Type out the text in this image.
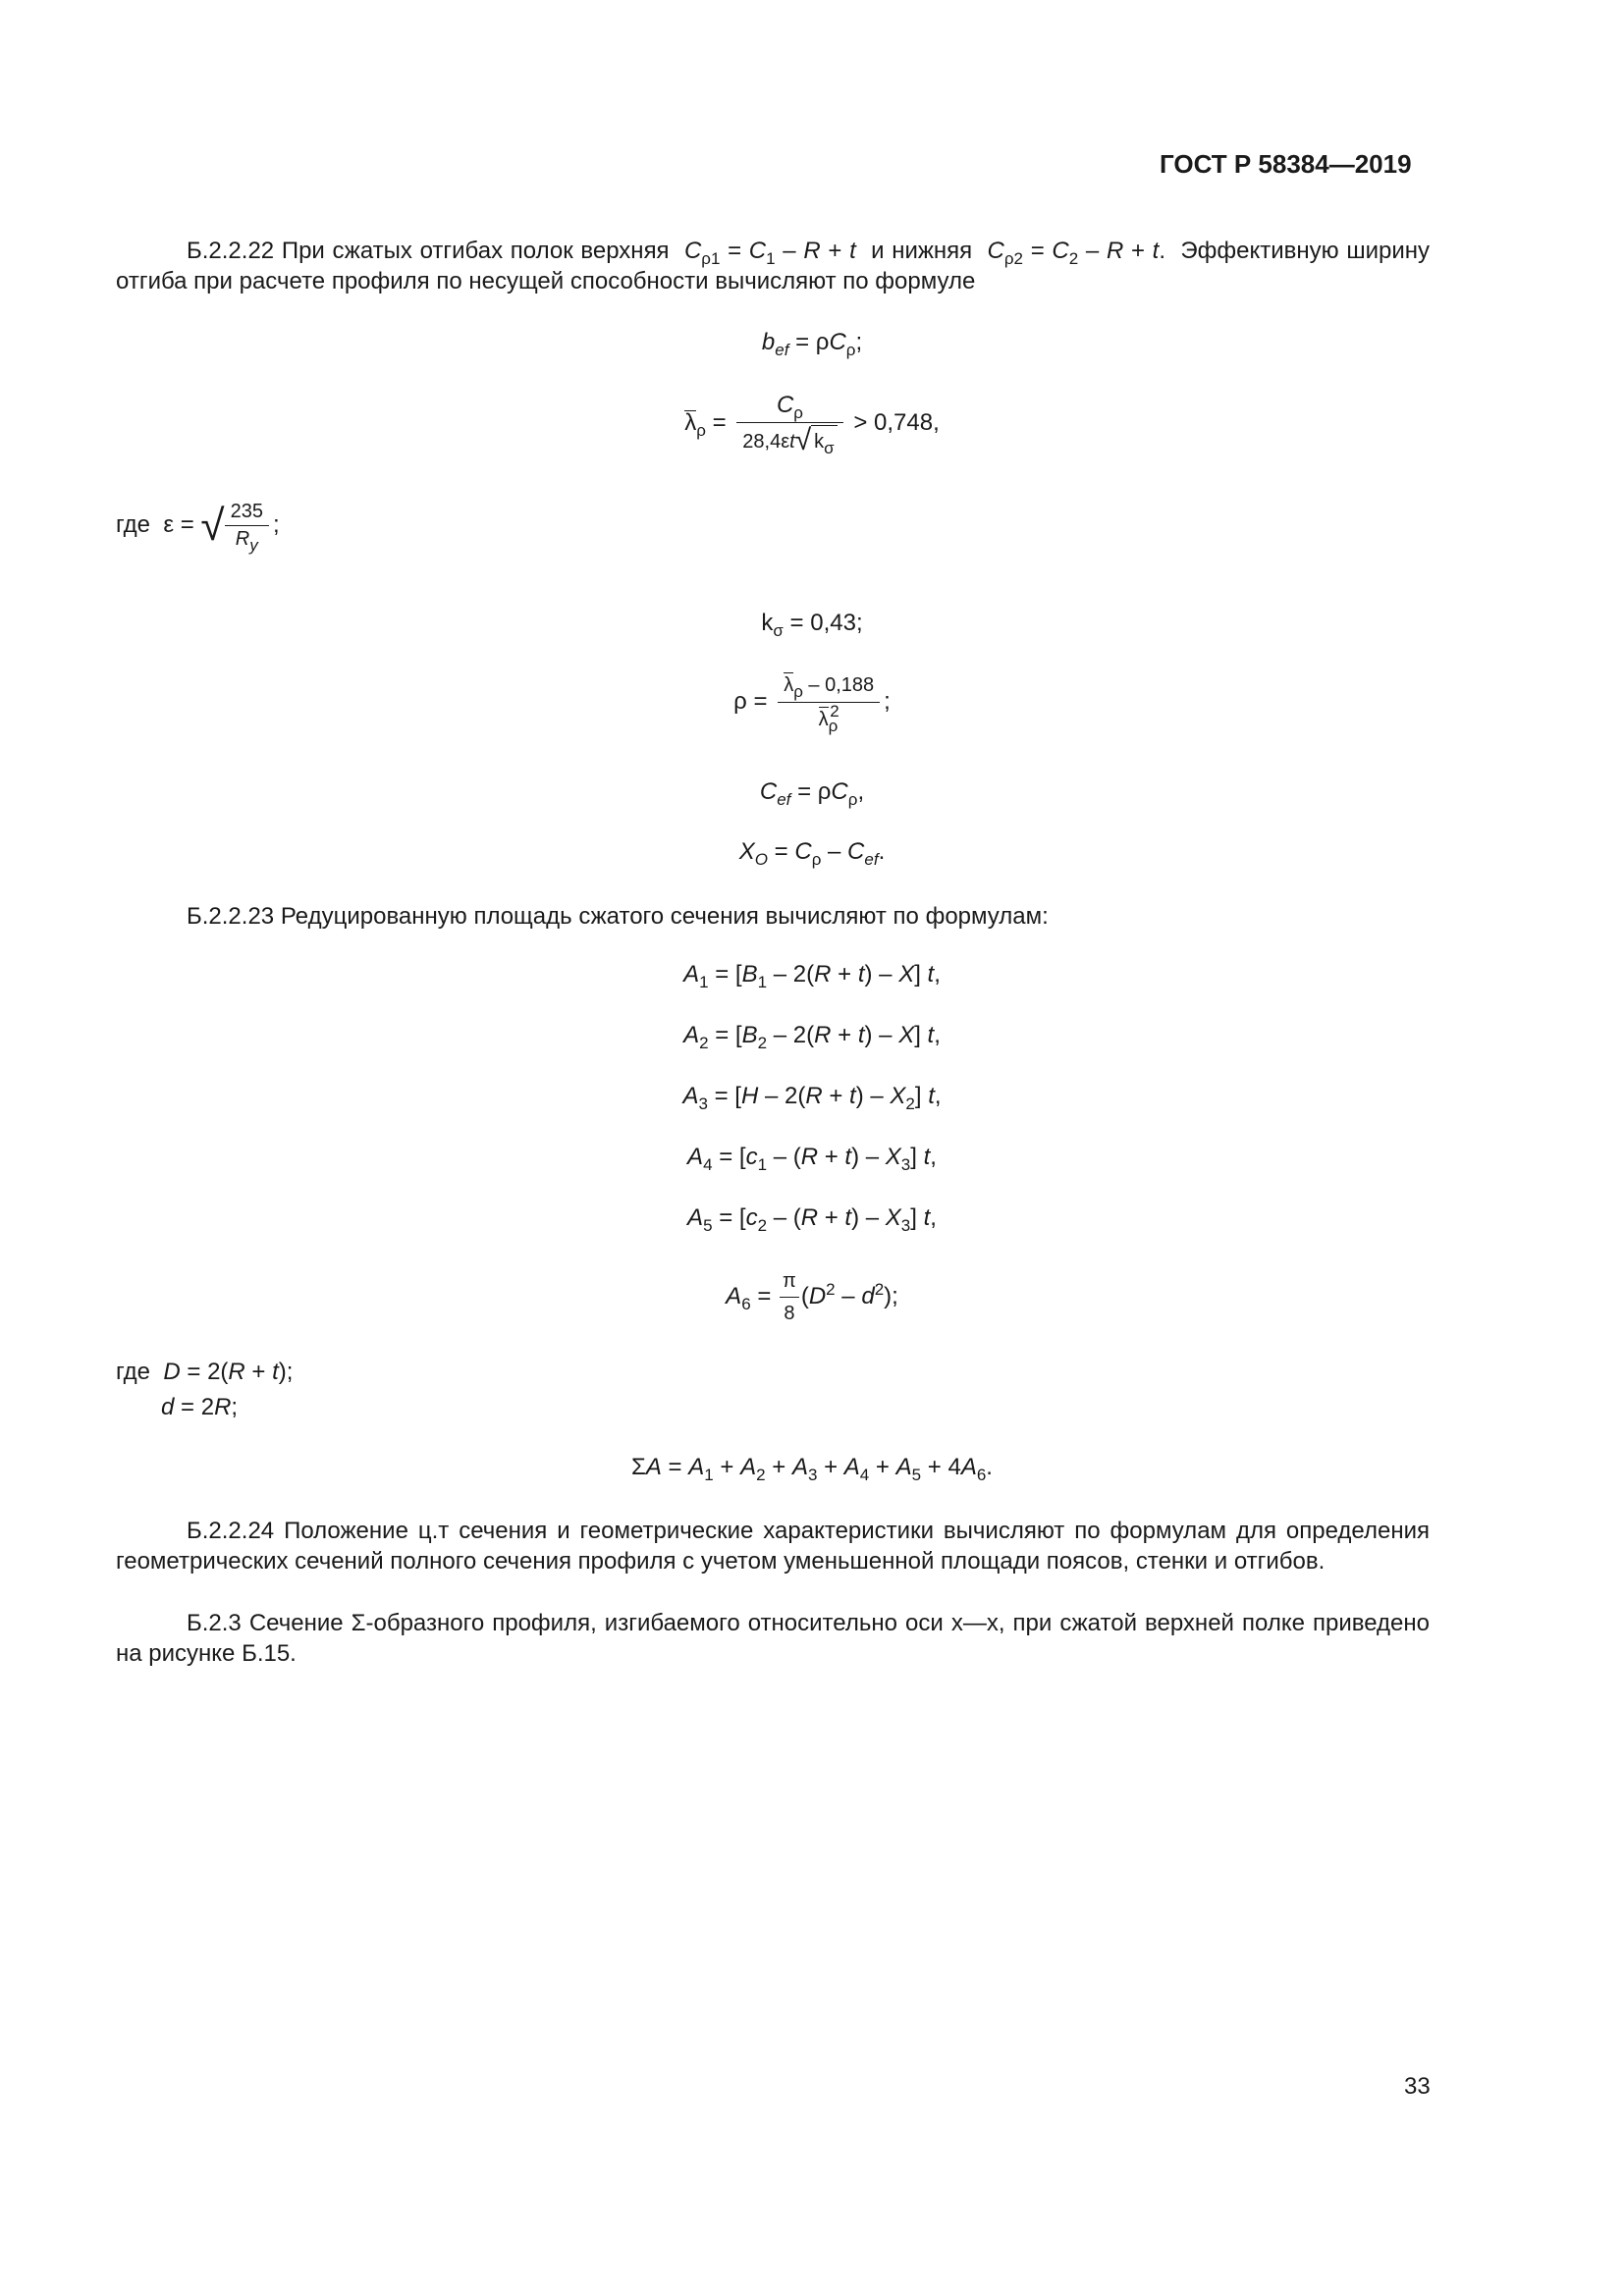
ГОСТ Р 58384—2019
Б.2.2.22 При сжатых отгибах полок верхняя $C_{\rho 1} = C_1 - R + t$ и нижняя $C_{\rho 2} = C_2 - R + t$.  Эффективную ширину отгиба при расчете профиля по несущей способности вычисляют по формуле
$b_{ef} = \rho C_\rho$;
$\lambda_\rho = \frac{C_\rho}{28,4\varepsilon t√ k_\sigma} > 0,748$,
где  ε = √ $\frac{235}{R_y}$ ;
$k_\sigma = 0,43$;
$\rho = \frac{\lambda_\rho - 0,188}{\lambda_\rho^2}$ ;
$C_{ef} = \rho C_\rho$,
$X_O = C_\rho - C_{ef}$.
Б.2.2.23 Редуцированную площадь сжатого сечения вычисляют по формулам:
$A_1 = [B_1 - 2(R + t) - X]$ t,
$A_2 = [B_2 - 2(R + t) - X]$ t,
$A_3 = [H - 2(R + t) - X_2]$ t,
$A_4 = [c_1 - (R + t) - X_3]$ t,
$A_5 = [c_2 - (R + t) - X_3]$ t,
$A_6 = \frac{\pi}{8} (D^2 - d^2)$;
где D = 2(R + t);
d = 2R;
$\Sigma A = A_1 + A_2 + A_3 + A_4 + A_5 + 4A_6$.
Б.2.2.24 Положение ц.т сечения и геометрические характеристики вычисляют по формулам для определения геометрических сечений полного сечения профиля с учетом уменьшенной площади поясов, стенки и отгибов.
Б.2.3 Сечение Σ-образного профиля, изгибаемого относительно оси x—x, при сжатой верхней полке приведено на рисунке Б.15.
33
